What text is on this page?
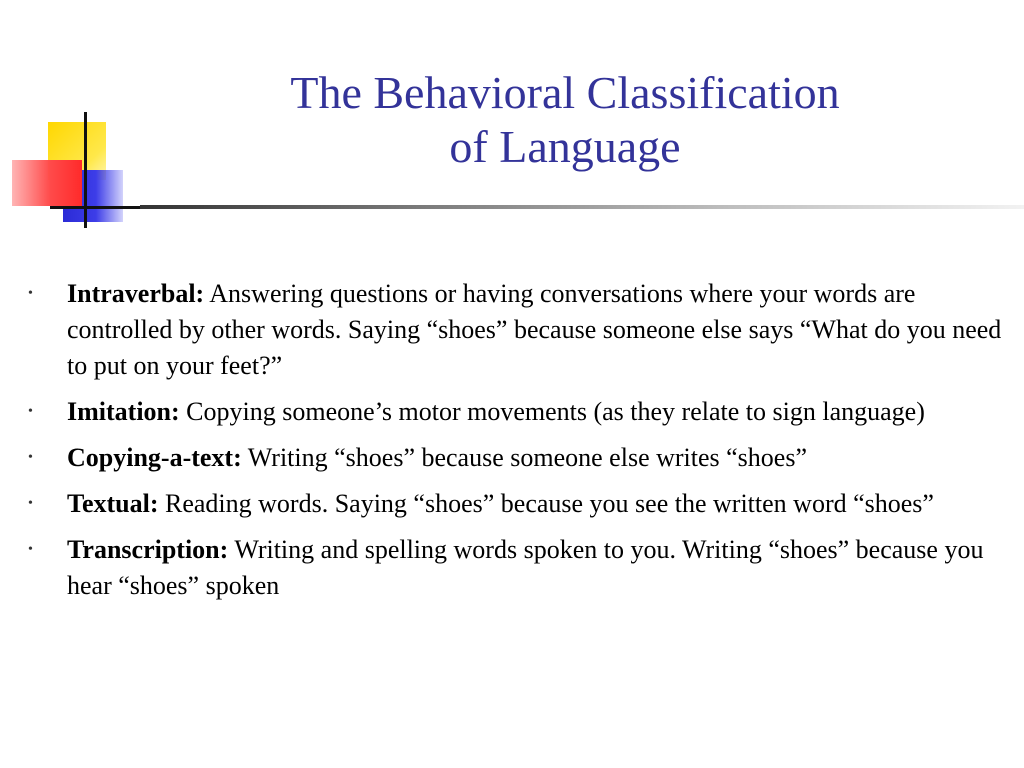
The Behavioral Classification
of Language
• Intraverbal: Answering questions or having conversations where your words are controlled by other words. Saying “shoes” because someone else says “What do you need to put on your feet?”
• Imitation: Copying someone’s motor movements (as they relate to sign language)
• Copying-a-text: Writing “shoes” because someone else writes “shoes”
• Textual: Reading words. Saying “shoes” because you see the written word “shoes”
• Transcription: Writing and spelling words spoken to you. Writing “shoes” because you hear “shoes” spoken
